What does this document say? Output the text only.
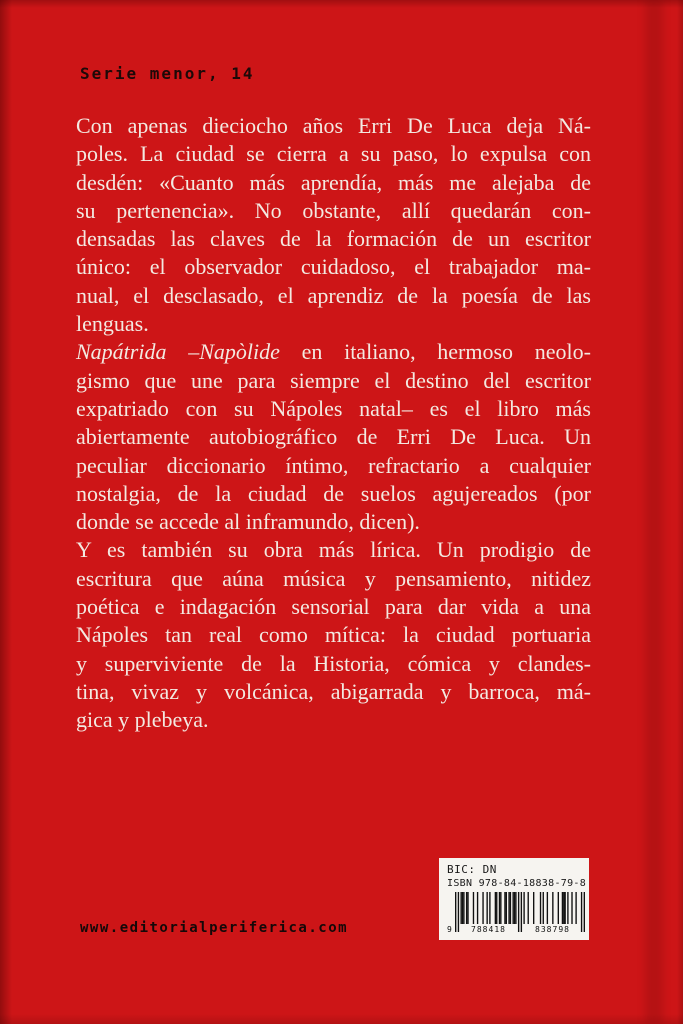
Serie menor, 14
Con apenas dieciocho años Erri De Luca deja Ná-
poles. La ciudad se cierra a su paso, lo expulsa con
desdén: «Cuanto más aprendía, más me alejaba de
su pertenencia». No obstante, allí quedarán con-
densadas las claves de la formación de un escritor
único: el observador cuidadoso, el trabajador ma-
nual, el desclasado, el aprendiz de la poesía de las
lenguas.
Napátrida –Napòlide en italiano, hermoso neolo-
gismo que une para siempre el destino del escritor
expatriado con su Nápoles natal– es el libro más
abiertamente autobiográfico de Erri De Luca. Un
peculiar diccionario íntimo, refractario a cualquier
nostalgia, de la ciudad de suelos agujereados (por
donde se accede al inframundo, dicen).
Y es también su obra más lírica. Un prodigio de
escritura que aúna música y pensamiento, nitidez
poética e indagación sensorial para dar vida a una
Nápoles tan real como mítica: la ciudad portuaria
y superviviente de la Historia, cómica y clandes-
tina, vivaz y volcánica, abigarrada y barroca, má-
gica y plebeya.
www.editorialperiferica.com
BIC: DN
ISBN 978-84-18838-79-8
9	788418	838798
